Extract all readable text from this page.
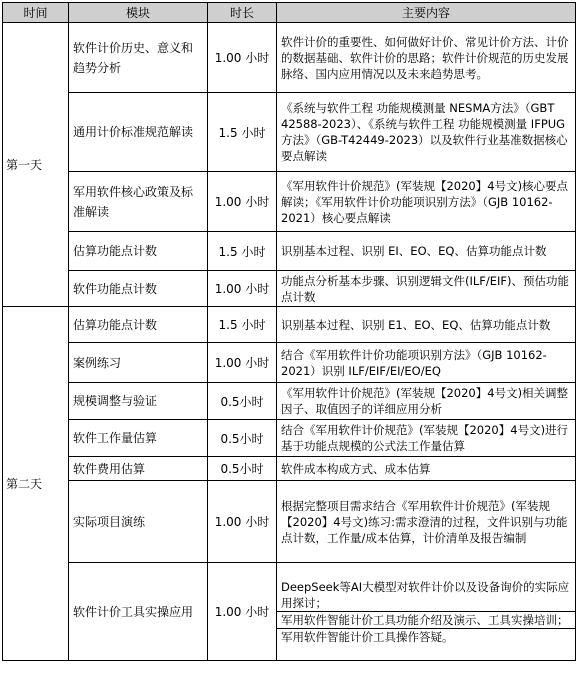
时间	模块	时长	主要内容
第一天	软件计价历史、意义和趋势分析	1.00 小时	软件计价的重要性、如何做好计价、常见计价方法、计价的数据基础、软件计价的思路；软件计价规范的历史发展脉络、国内应用情况以及未来趋势思考。

	通用计价标准规范解读	1.5 小时	《系统与软件工程 功能规模测量 NESMA方法》（GBT 42588-2023）、《系统与软件工程 功能规模测量 IFPUG方法》（GB-T42449-2023）以及软件行业基准数据核心要点解读

	军用软件核心政策及标准解读	1.00 小时	《军用软件计价规范》(军装规【2020】4号文)核心要点解读；《军用软件计价功能项识别方法》（GJB 10162-2021）核心要点解读

	估算功能点计数	1.5 小时	识别基本过程、识别 EI、EO、EQ、估算功能点计数

	软件功能点计数	1.00 小时	功能点分析基本步骤、识别逻辑文件(ILF/EIF)、预估功能点计数

第二天	估算功能点计数	1.5 小时	识别基本过程、识别 E1、EO、EQ、估算功能点计数

	案例练习	1.00 小时	结合《军用软件计价功能项识别方法》（GJB 10162-2021）识别 ILF/EIF/EI/EO/EQ

	规模调整与验证	0.5小时	《军用软件计价规范》(军装规【2020】4号文)相关调整因子、取值因子的详细应用分析

	软件工作量估算	0.5小时	结合《军用软件计价规范》(军装规【2020】4号文)进行基于功能点规模的公式法工作量估算

	软件费用估算	0.5小时	软件成本构成方式、成本估算

	实际项目演练	1.00 小时	根据完整项目需求结合《军用软件计价规范》(军装规【2020】4号文)练习:需求澄清的过程，文件识别与功能点计数，工作量/成本估算，计价清单及报告编制

	软件计价工具实操应用	1.00 小时	DeepSeek等AI大模型对软件计价以及设备询价的实际应用探讨；
军用软件智能计价工具功能介绍及演示、工具实操培训；
军用软件智能计价工具操作答疑。
